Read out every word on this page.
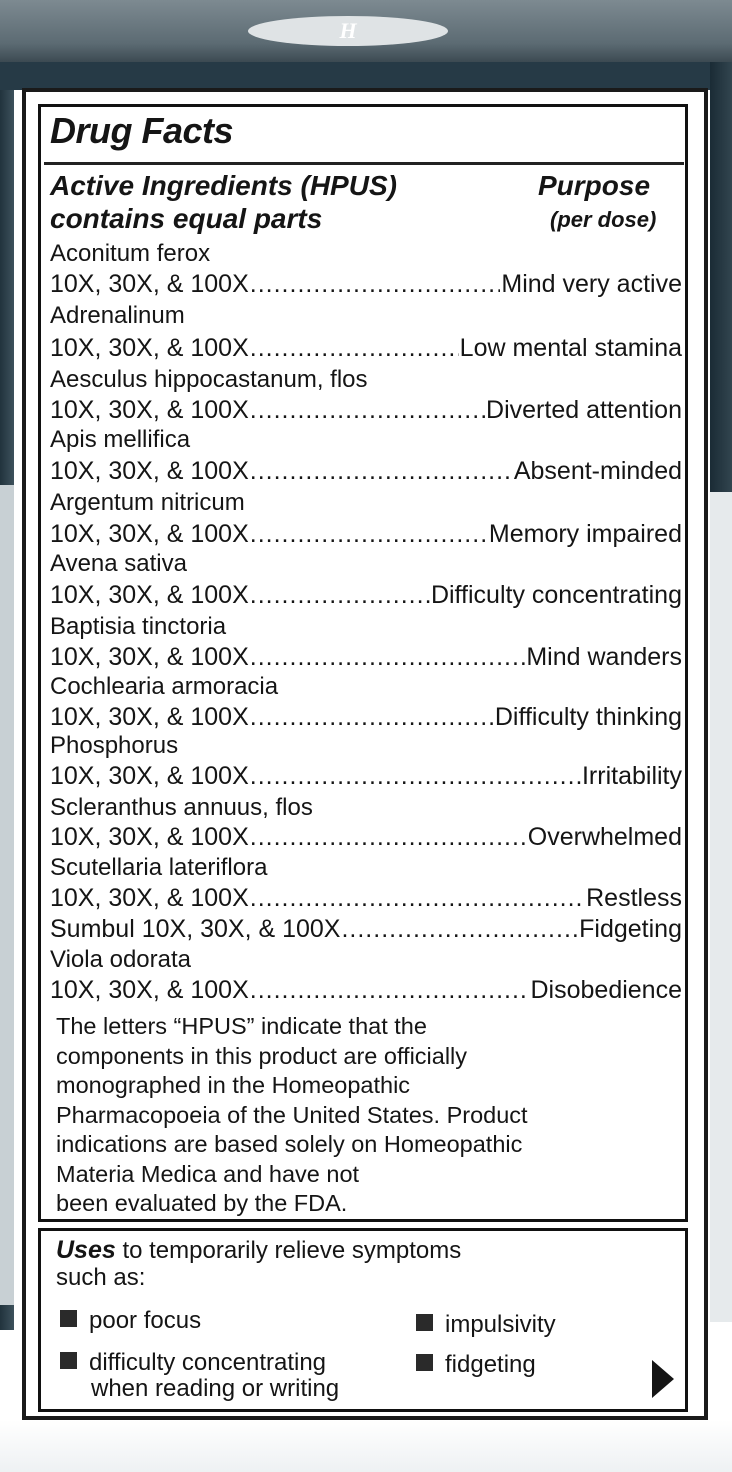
H
Drug Facts
Active Ingredients (HPUS)	Purpose
contains equal parts	(per dose)
Aconitum ferox
10X, 30X, & 100X .....	Mind very active
Adrenalinum
10X, 30X, & 100X .....	Low mental stamina
Aesculus hippocastanum, flos
10X, 30X, & 100X .....	Diverted attention
Apis mellifica
10X, 30X, & 100X .....	Absent-minded
Argentum nitricum
10X, 30X, & 100X .....	Memory impaired
Avena sativa
10X, 30X, & 100X .....	Difficulty concentrating
Baptisia tinctoria
10X, 30X, & 100X .....	Mind wanders
Cochlearia armoracia
10X, 30X, & 100X .....	Difficulty thinking
Phosphorus
10X, 30X, & 100X .....	Irritability
Scleranthus annuus, flos
10X, 30X, & 100X .....	Overwhelmed
Scutellaria lateriflora
10X, 30X, & 100X .....	Restless
Sumbul 10X, 30X, & 100X .....	Fidgeting
Viola odorata
10X, 30X, & 100X .....	Disobedience
The letters “HPUS” indicate that the
components in this product are officially
monographed in the Homeopathic
Pharmacopoeia of the United States. Product
indications are based solely on Homeopathic
Materia Medica and have not
been evaluated by the FDA.
Uses to temporarily relieve symptoms
such as:
poor focus	impulsivity
difficulty concentrating
when reading or writing
fidgeting
